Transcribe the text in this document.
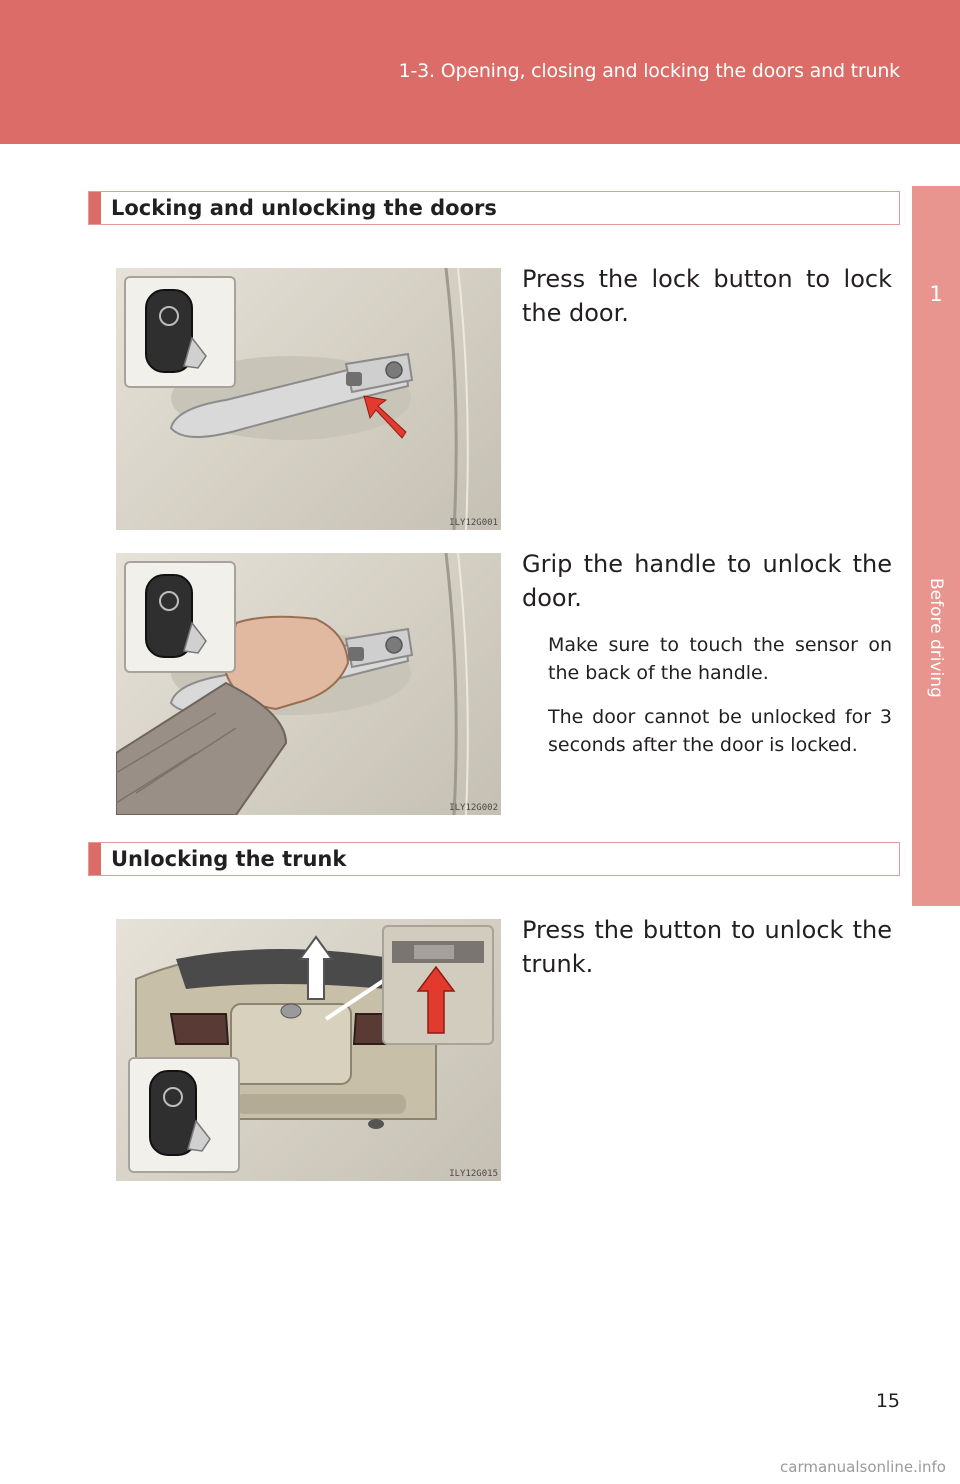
1-3. Opening, closing and locking the doors and trunk
1
Before driving
Locking and unlocking the doors
ILY12G001
Press the lock button to lock the door.
ILY12G002
Grip the handle to unlock the door.
Make sure to touch the sensor on the back of the handle.
The door cannot be unlocked for 3 seconds after the door is locked.
Unlocking the trunk
ILY12G015
Press the button to unlock the trunk.
15
carmanualsonline.info
